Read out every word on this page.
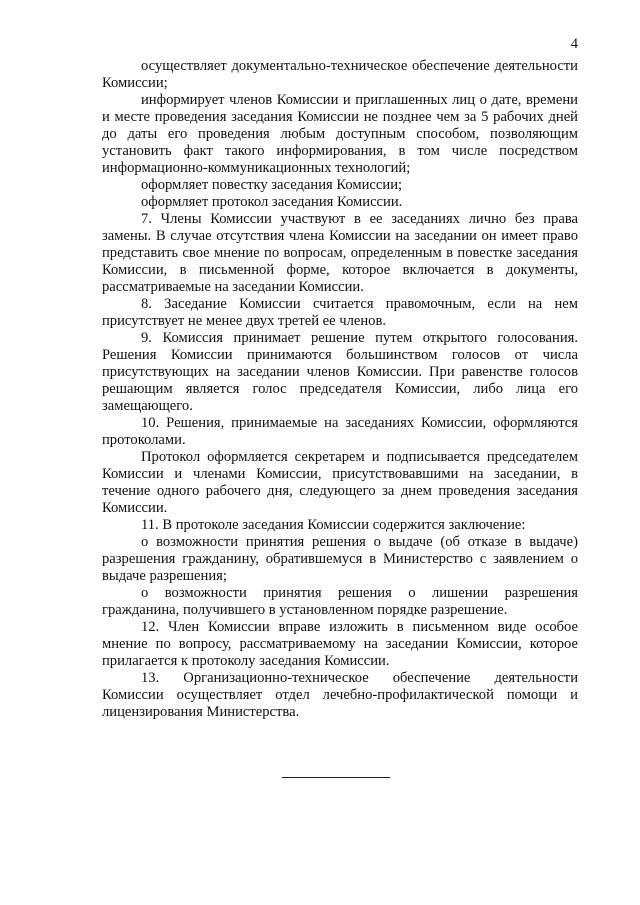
4

осуществляет документально-техническое обеспечение деятельности Комиссии;

информирует членов Комиссии и приглашенных лиц о дате, времени и месте проведения заседания Комиссии не позднее чем за 5 рабочих дней до даты его проведения любым доступным способом, позволяющим установить факт такого информирования, в том числе посредством информационно-коммуникационных технологий;

оформляет повестку заседания Комиссии;

оформляет протокол заседания Комиссии.

7. Члены Комиссии участвуют в ее заседаниях лично без права замены. В случае отсутствия члена Комиссии на заседании он имеет право представить свое мнение по вопросам, определенным в повестке заседания Комиссии, в письменной форме, которое включается в документы, рассматриваемые на заседании Комиссии.

8. Заседание Комиссии считается правомочным, если на нем присутствует не менее двух третей ее членов.

9. Комиссия принимает решение путем открытого голосования. Решения Комиссии принимаются большинством голосов от числа присутствующих на заседании членов Комиссии. При равенстве голосов решающим является голос председателя Комиссии, либо лица его замещающего.

10. Решения, принимаемые на заседаниях Комиссии, оформляются протоколами.

Протокол оформляется секретарем и подписывается председателем Комиссии и членами Комиссии, присутствовавшими на заседании, в течение одного рабочего дня, следующего за днем проведения заседания Комиссии.

11. В протоколе заседания Комиссии содержится заключение:

о возможности принятия решения о выдаче (об отказе в выдаче) разрешения гражданину, обратившемуся в Министерство с заявлением о выдаче разрешения;

о возможности принятия решения о лишении разрешения гражданина, получившего в установленном порядке разрешение.

12. Член Комиссии вправе изложить в письменном виде особое мнение по вопросу, рассматриваемому на заседании Комиссии, которое прилагается к протоколу заседания Комиссии.

13. Организационно-техническое обеспечение деятельности Комиссии осуществляет отдел лечебно-профилактической помощи и лицензирования Министерства.
